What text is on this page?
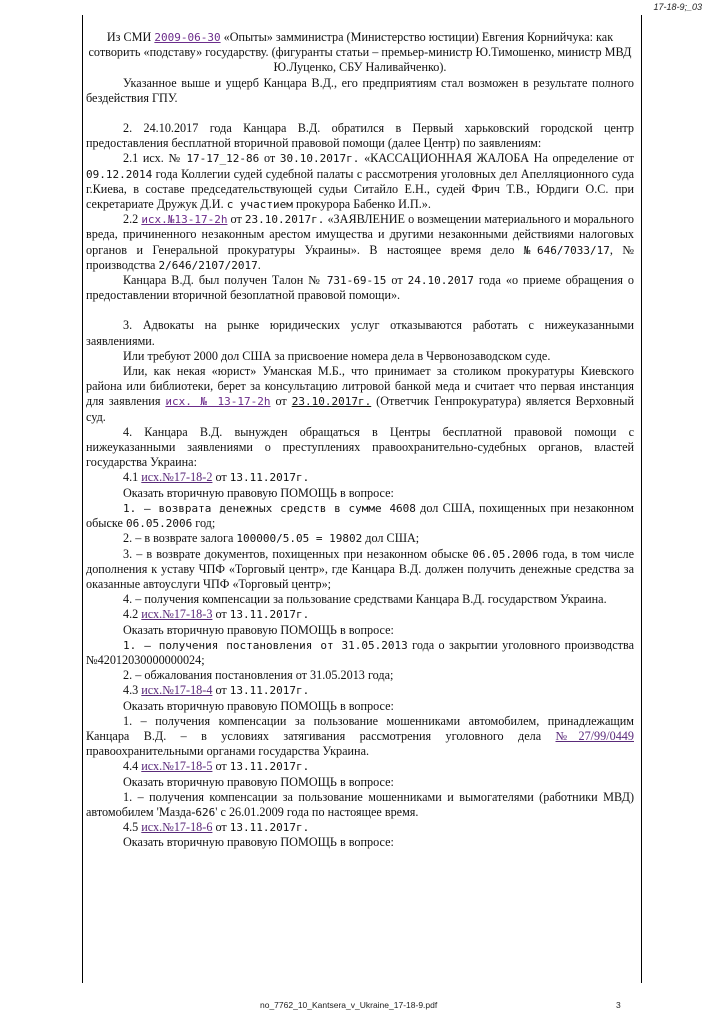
17-18-9;_03

Из СМИ 2009-06-30 «Опыты» замминистра (Министерство юстиции) Евгения Корнийчука: как сотворить «подставу» государству. (фигуранты статьи – премьер-министр Ю.Тимошенко, министр МВД Ю.Луценко, СБУ Наливайченко).

Указанное выше и ущерб Канцара В.Д., его предприятиям стал возможен в результате полного бездействия ГПУ.

2. 24.10.2017 года Канцара В.Д. обратился в Первый харьковский городской центр предоставления бесплатной вторичной правовой помощи (далее Центр) по заявлениям:

2.1 исх. № 17-17_12-86 от 30.10.2017г. «КАССАЦИОННАЯ ЖАЛОБА На определение от 09.12.2014 года Коллегии судей судебной палаты с рассмотрения уголовных дел Апелляционного суда г.Киева, в составе председательствующей судьи Ситайло Е.Н., судей Фрич Т.В., Юрдиги О.С. при секретариате Дружук Д.И. с участием прокурора Бабенко И.П.».

2.2 исх.№13-17-2h от 23.10.2017г. «ЗАЯВЛЕНИЕ о возмещении материального и морального вреда, причиненного незаконным арестом имущества и другими незаконными действиями налоговых органов и Генеральной прокуратуры Украины». В настоящее время дело №646/7033/17, № производства 2/646/2107/2017.

Канцара В.Д. был получен Талон № 731-69-15 от 24.10.2017 года «о приеме обращения о предоставлении вторичной безоплатной правовой помощи».

3. Адвокаты на рынке юридических услуг отказываются работать с нижеуказанными заявлениями.

Или требуют 2000 дол США за присвоение номера дела в Червонозаводском суде.

Или, как некая «юрист» Уманская М.Б., что принимает за столиком прокуратуры Киевского района или библиотеки, берет за консультацию литровой банкой меда и считает что первая инстанция для заявления исх. № 13-17-2h от 23.10.2017г. (Ответчик Генпрокуратура) является Верховный суд.

4. Канцара В.Д. вынужден обращаться в Центры бесплатной правовой помощи с нижеуказанными заявлениями о преступлениях правоохранительно-судебных органов, властей государства Украина:

4.1 исх.№17-18-2 от 13.11.2017г.

Оказать вторичную правовую ПОМОЩЬ в вопросе:

1. – возврата денежных средств в сумме 4608 дол США, похищенных при незаконном обыске 06.05.2006 год;

2. – в возврате залога 100000/5.05 = 19802 дол США;

3. – в возврате документов, похищенных при незаконном обыске 06.05.2006 года, в том числе дополнения к уставу ЧПФ «Торговый центр», где Канцара В.Д. должен получить денежные средства за оказанные автоуслуги ЧПФ «Торговый центр»;

4. – получения компенсации за пользование средствами Канцара В.Д. государством Украина.

4.2 исх.№17-18-3 от 13.11.2017г.

Оказать вторичную правовую ПОМОЩЬ в вопросе:

1. – получения постановления от 31.05.2013 года о закрытии уголовного производства №42012030000000024;

2. – обжалования постановления от 31.05.2013 года;

4.3 исх.№17-18-4 от 13.11.2017г.

Оказать вторичную правовую ПОМОЩЬ в вопросе:

1. – получения компенсации за пользование мошенниками автомобилем, принадлежащим Канцара В.Д. – в условиях затягивания рассмотрения уголовного дела №27/99/0449 правоохранительными органами государства Украина.

4.4 исх.№17-18-5 от 13.11.2017г.

Оказать вторичную правовую ПОМОЩЬ в вопросе:

1. – получения компенсации за пользование мошенниками и вымогателями (работники МВД) автомобилем 'Мазда-626' с 26.01.2009 года по настоящее время.

4.5 исх.№17-18-6 от 13.11.2017г.

Оказать вторичную правовую ПОМОЩЬ в вопросе:

no_7762_10_Kantsera_v_Ukraine_17-18-9.pdf	3
